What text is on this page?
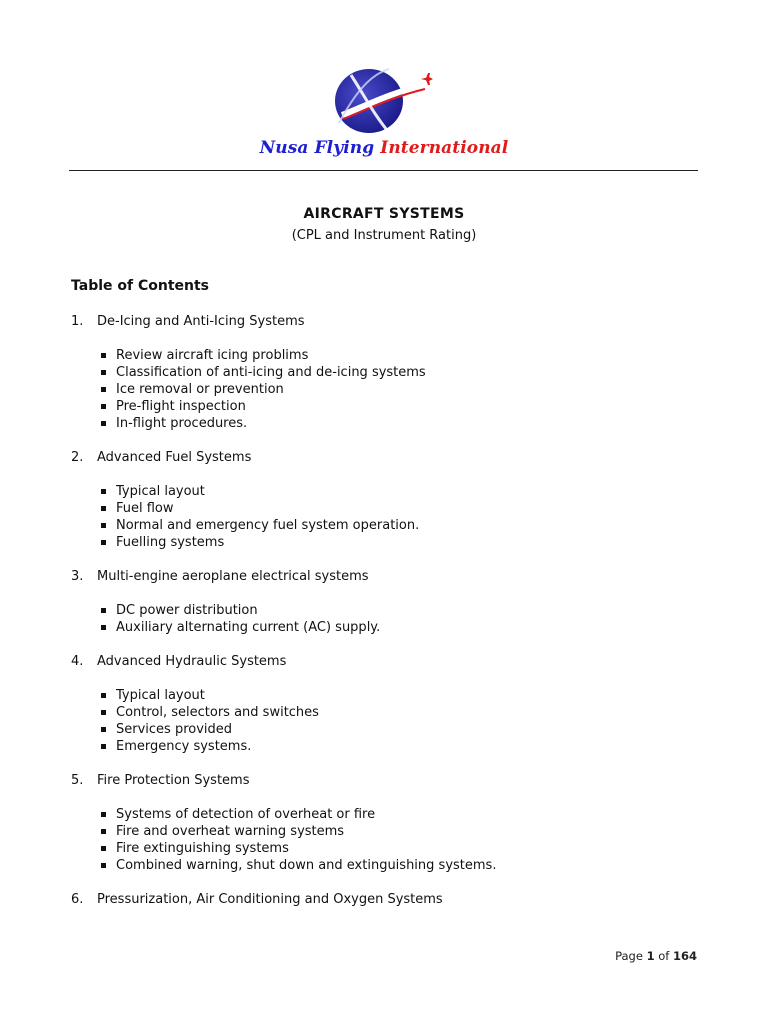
Nusa Flying International
AIRCRAFT SYSTEMS
(CPL and Instrument Rating)
Table of Contents
1. De-Icing and Anti-Icing Systems
Review aircraft icing problims
Classification of anti-icing and de-icing systems
Ice removal or prevention
Pre-flight inspection
In-flight procedures.
2. Advanced Fuel Systems
Typical layout
Fuel flow
Normal and emergency fuel system operation.
Fuelling systems
3. Multi-engine aeroplane electrical systems
DC power distribution
Auxiliary alternating current (AC) supply.
4. Advanced Hydraulic Systems
Typical layout
Control, selectors and switches
Services provided
Emergency systems.
5. Fire Protection Systems
Systems of detection of overheat or fire
Fire and overheat warning systems
Fire extinguishing systems
Combined warning, shut down and extinguishing systems.
6. Pressurization, Air Conditioning and Oxygen Systems
Page 1 of 164
